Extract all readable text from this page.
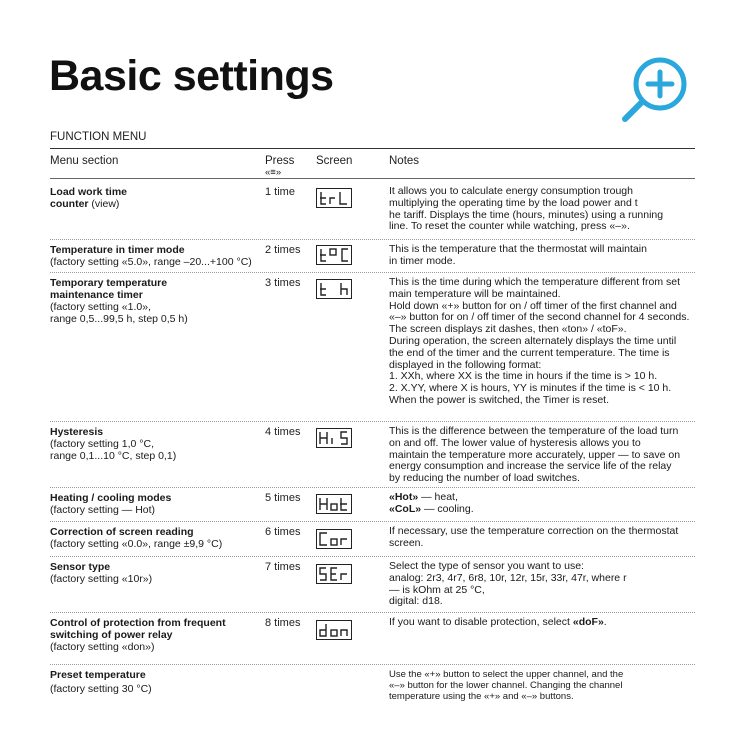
Basic settings
FUNCTION MENU
Menu section	Press
«≡»
Screen	Notes
Load work time
counter (view)
1 time	It allows you to calculate energy consumption trough
multiplying the operating time by the load power and t
he tariff. Displays the time (hours, minutes) using a running
line. To reset the counter while watching, press «–».
Temperature in timer mode
(factory setting «5.0», range –20...+100 °C)
2 times	This is the temperature that the thermostat will maintain
in timer mode.
Temporary temperature
maintenance timer
(factory setting «1.0»,
range 0,5...99,5 h, step 0,5 h)
3 times	This is the time during which the temperature different from set
main temperature will be maintained.
Hold down «+» button for on / off timer of the first channel and
«–» button for on / off timer of the second channel for 4 seconds.
The screen displays zit dashes, then «ton» / «toF».
During operation, the screen alternately displays the time until
the end of the timer and the current temperature. The time is
displayed in the following format:
1. XXh, where XX is the time in hours if the time is > 10 h.
2. X.YY, where X is hours, YY is minutes if the time is < 10 h.
When the power is switched, the Timer is reset.
Hysteresis
(factory setting 1,0 °C,
range 0,1...10 °C, step 0,1)
4 times	This is the difference between the temperature of the load turn
on and off. The lower value of hysteresis allows you to
maintain the temperature more accurately, upper — to save on
energy consumption and increase the service life of the relay
by reducing the number of load switches.
Heating / cooling modes
(factory setting — Hot)
5 times	«Hot» — heat,
«CoL» — cooling.
Correction of screen reading
(factory setting «0.0», range ±9,9 °C)
6 times	If necessary, use the temperature correction on the thermostat
screen.
Sensor type
(factory setting «10r»)
7 times	Select the type of sensor you want to use:
analog: 2r3, 4r7, 6r8, 10r, 12r, 15r, 33r, 47r, where r
— is kOhm at 25 °C,
digital: d18.
Control of protection from frequent
switching of power relay
(factory setting «don»)
8 times	If you want to disable protection, select «doF».
Preset temperature
(factory setting 30 °C)
Use the «+» button to select the upper channel, and the
«–» button for the lower channel. Changing the channel
temperature using the «+» and «–» buttons.
